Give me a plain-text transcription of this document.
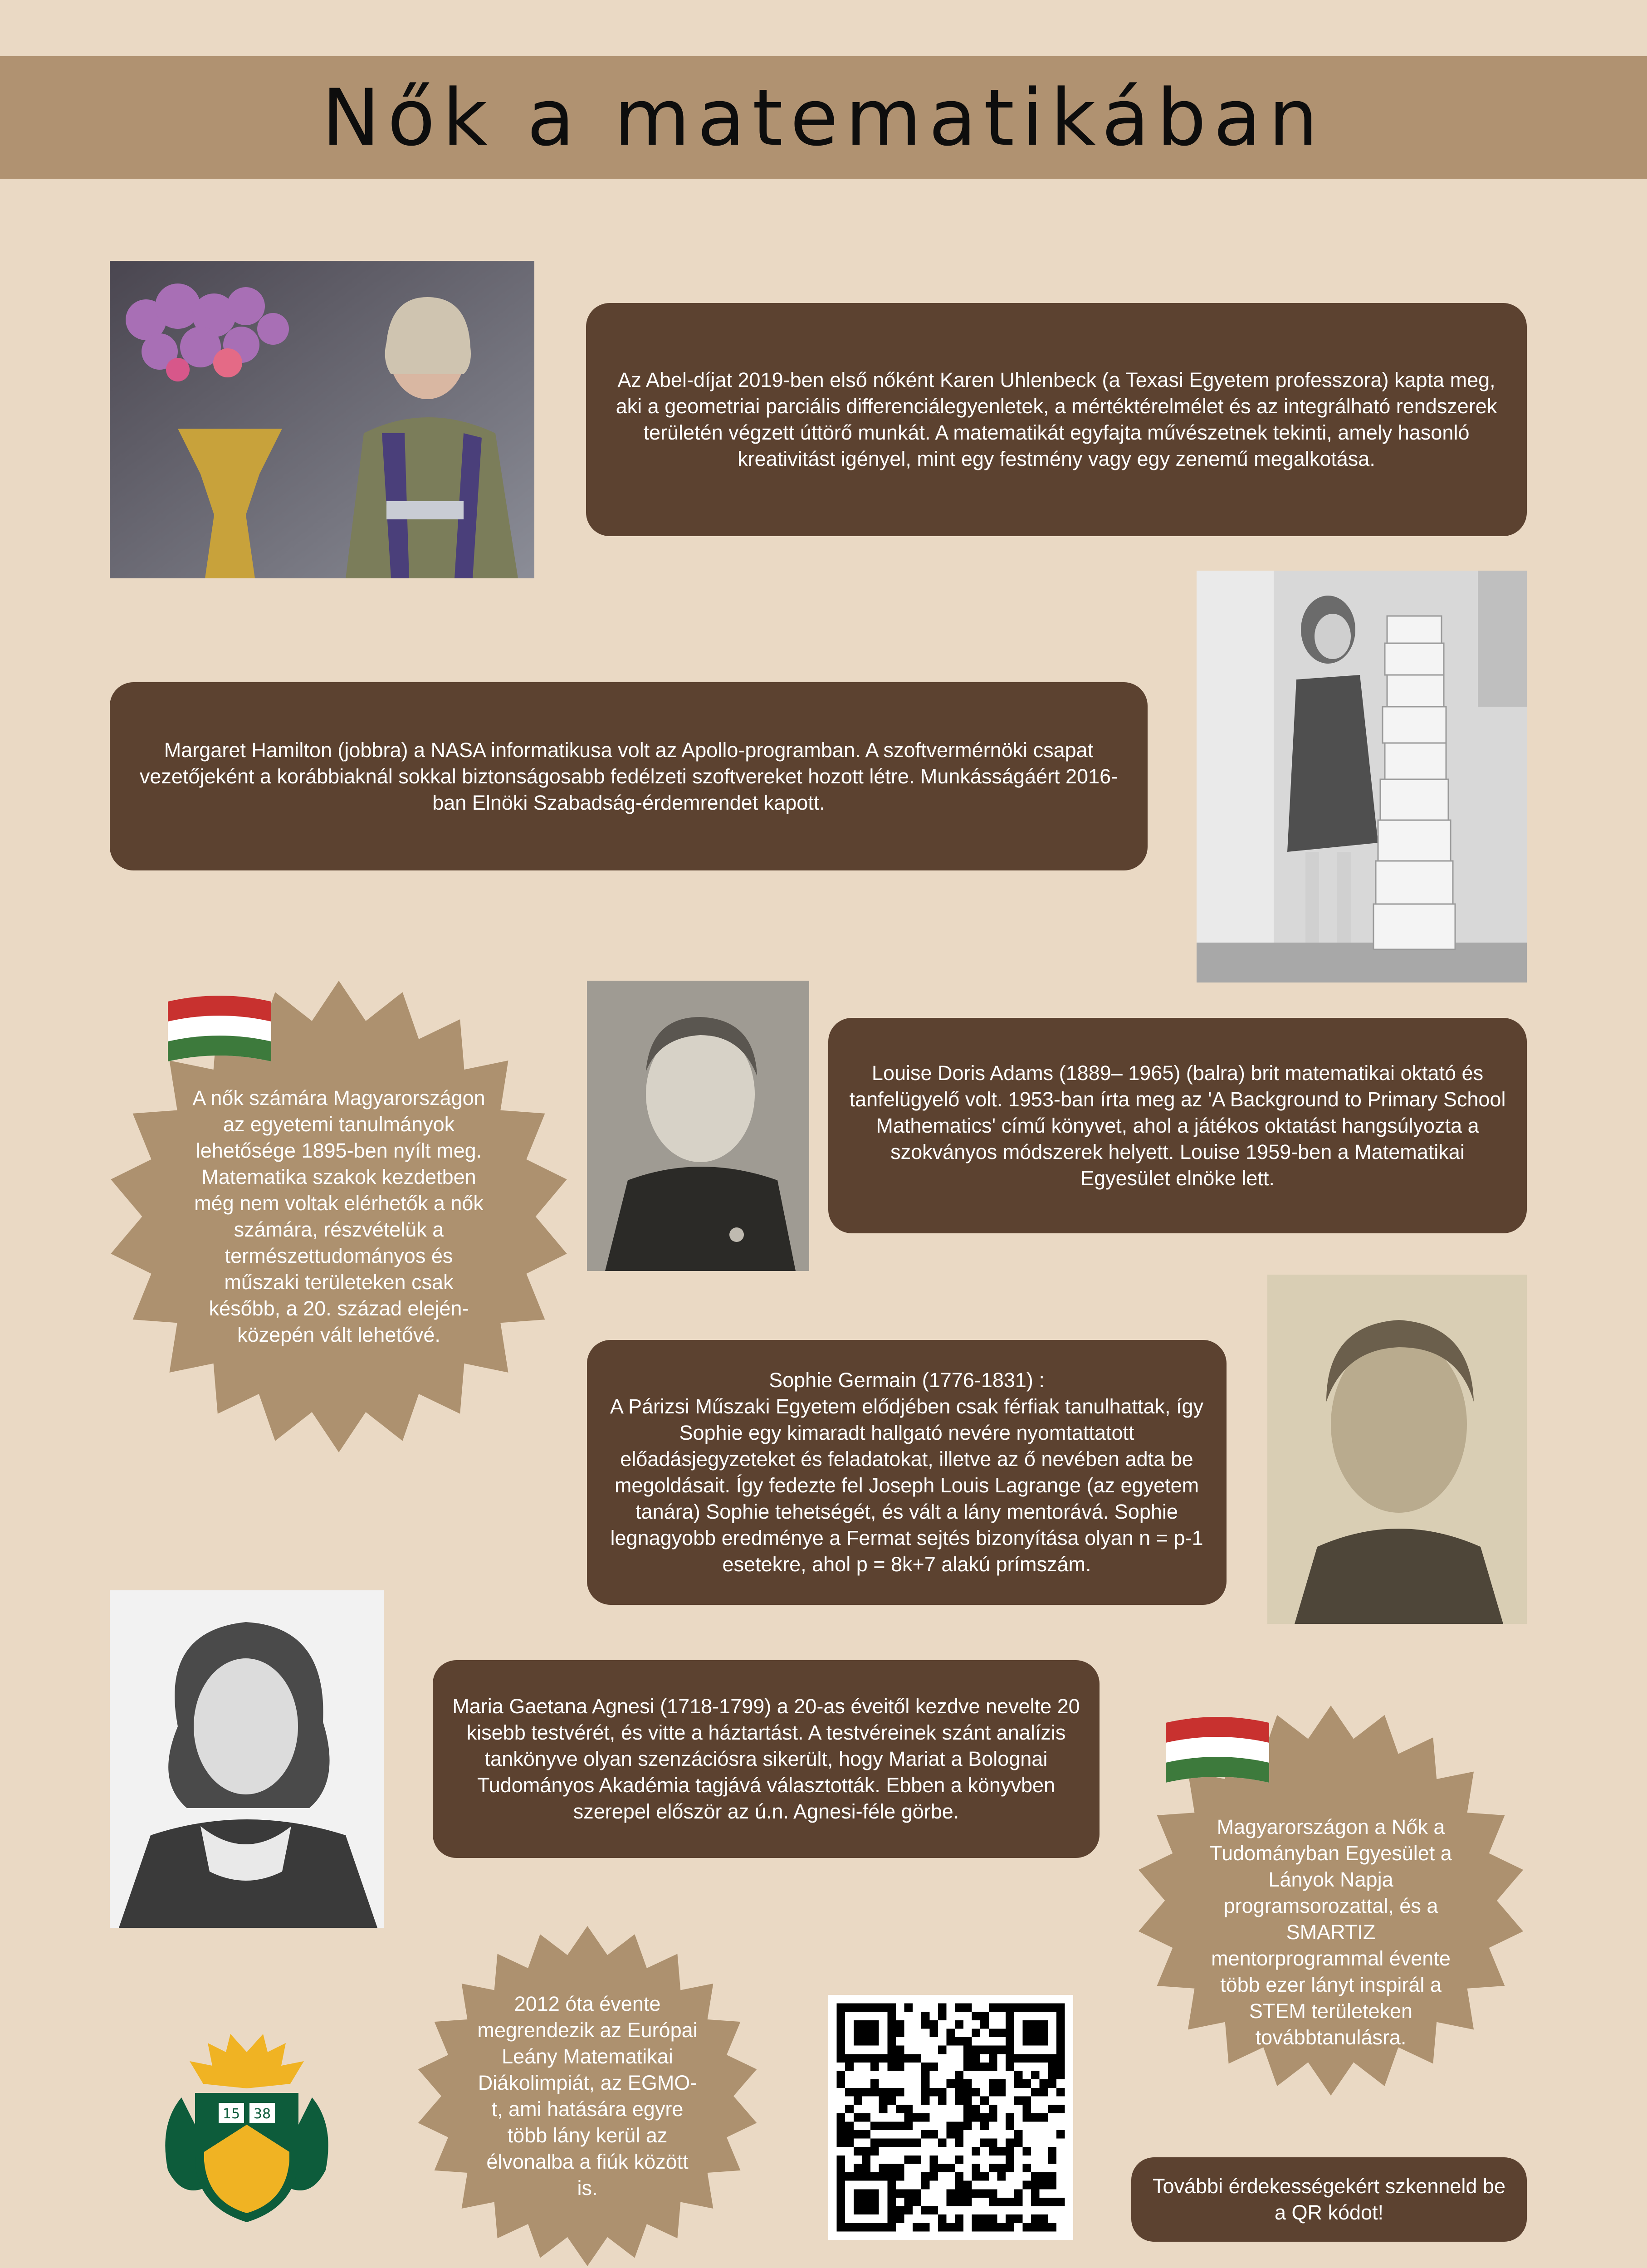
Nők a matematikában
Az Abel-díjat 2019-ben első nőként Karen Uhlenbeck (a Texasi Egyetem professzora) kapta meg, aki a geometriai parciális differenciálegyenletek, a mértéktérelmélet és az integrálható rendszerek területén végzett úttörő munkát. A matematikát egyfajta művészetnek tekinti, amely hasonló kreativitást igényel, mint egy festmény vagy egy zenemű megalkotása.
Margaret Hamilton (jobbra) a NASA informatikusa volt az Apollo-programban. A szoftvermérnöki csapat vezetőjeként a korábbiaknál sokkal biztonságosabb fedélzeti szoftvereket hozott létre. Munkásságáért 2016-ban Elnöki Szabadság-érdemrendet kapott.
A nők számára Magyarországon az egyetemi tanulmányok lehetősége 1895-ben nyílt meg. Matematika szakok kezdetben még nem voltak elérhetők a nők számára, részvételük a természettudományos és műszaki területeken csak később, a 20. század elején-közepén vált lehetővé.
Louise Doris Adams (1889– 1965) (balra) brit matematikai oktató és tanfelügyelő volt. 1953-ban írta meg az 'A Background to Primary School Mathematics' című könyvet, ahol a játékos oktatást hangsúlyozta a szokványos módszerek helyett. Louise 1959-ben a Matematikai Egyesület elnöke lett.
Sophie Germain (1776-1831) :
A Párizsi Műszaki Egyetem elődjében csak férfiak tanulhattak, így Sophie egy kimaradt hallgató nevére nyomtattatott előadásjegyzeteket és feladatokat, illetve az ő nevében adta be megoldásait. Így fedezte fel Joseph Louis Lagrange (az egyetem tanára) Sophie tehetségét, és vált a lány mentorává. Sophie legnagyobb eredménye a Fermat sejtés bizonyítása olyan n = p-1 esetekre, ahol p = 8k+7 alakú prímszám.
Maria Gaetana Agnesi (1718-1799) a 20-as éveitől kezdve nevelte 20 kisebb testvérét, és vitte a háztartást. A testvéreinek szánt analízis tankönyve olyan szenzációsra sikerült, hogy Mariat a Bolognai Tudományos Akadémia tagjává választották. Ebben a könyvben szerepel először az ú.n. Agnesi-féle görbe.
Magyarországon a Nők a Tudományban Egyesület a Lányok Napja programsorozattal, és a SMARTIZ mentorprogrammal évente több ezer lányt inspirál a STEM területeken továbbtanulásra.
15 38
2012 óta évente megrendezik az Európai Leány Matematikai Diákolimpiát, az EGMO-t, ami hatására egyre több lány kerül az élvonalba a fiúk között is.	További érdekességekért szkenneld be a QR kódot!
